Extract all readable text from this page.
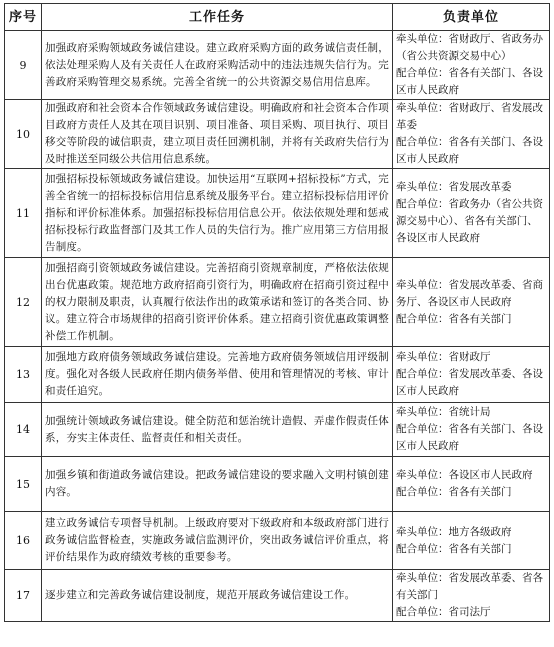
序号	工作任务	负责单位
9	加强政府采购领域政务诚信建设。建立政府采购方面的政务诚信责任制，依法处理采购人及有关责任人在政府采购活动中的违法违规失信行为。完善政府采购管理交易系统。完善全省统一的公共资源交易信用信息库。	牵头单位：省财政厅、省政务办（省公共资源交易中心）
配合单位：省各有关部门、各设区市人民政府
10	加强政府和社会资本合作领域政务诚信建设。明确政府和社会资本合作项目政府方责任人及其在项目识别、项目准备、项目采购、项目执行、项目移交等阶段的诚信职责，建立项目责任回溯机制，并将有关政府失信行为及时推送至同级公共信用信息系统。	牵头单位：省财政厅、省发展改革委
配合单位：省各有关部门、各设区市人民政府
11	加强招标投标领域政务诚信建设。加快运用“互联网+招标投标”方式，完善全省统一的招标投标信用信息系统及服务平台。建立招标投标信用评价指标和评价标准体系。加强招标投标信用信息公开。依法依规处理和惩戒招标投标行政监督部门及其工作人员的失信行为。推广应用第三方信用报告制度。	牵头单位：省发展改革委
配合单位：省政务办（省公共资源交易中心）、省各有关部门、各设区市人民政府
12	加强招商引资领域政务诚信建设。完善招商引资规章制度，严格依法依规出台优惠政策。规范地方政府招商引资行为，明确政府在招商引资过程中的权力限制及职责，认真履行依法作出的政策承诺和签订的各类合同、协议。建立符合市场规律的招商引资评价体系。建立招商引资优惠政策调整补偿工作机制。	牵头单位：省发展改革委、省商务厅、各设区市人民政府
配合单位：省各有关部门
13	加强地方政府债务领域政务诚信建设。完善地方政府债务领域信用评级制度。强化对各级人民政府任期内债务举借、使用和管理情况的考核、审计和责任追究。	牵头单位：省财政厅
配合单位：省发展改革委、各设区市人民政府
14	加强统计领域政务诚信建设。健全防范和惩治统计造假、弄虚作假责任体系，夯实主体责任、监督责任和相关责任。	牵头单位：省统计局
配合单位：省各有关部门、各设区市人民政府
15	加强乡镇和街道政务诚信建设。把政务诚信建设的要求融入文明村镇创建内容。	牵头单位：各设区市人民政府
配合单位：省各有关部门
16	建立政务诚信专项督导机制。上级政府要对下级政府和本级政府部门进行政务诚信监督检查，实施政务诚信监测评价，突出政务诚信评价重点，将评价结果作为政府绩效考核的重要参考。	牵头单位：地方各级政府
配合单位：省各有关部门
17	逐步建立和完善政务诚信建设制度，规范开展政务诚信建设工作。	牵头单位：省发展改革委、省各有关部门
配合单位：省司法厅
